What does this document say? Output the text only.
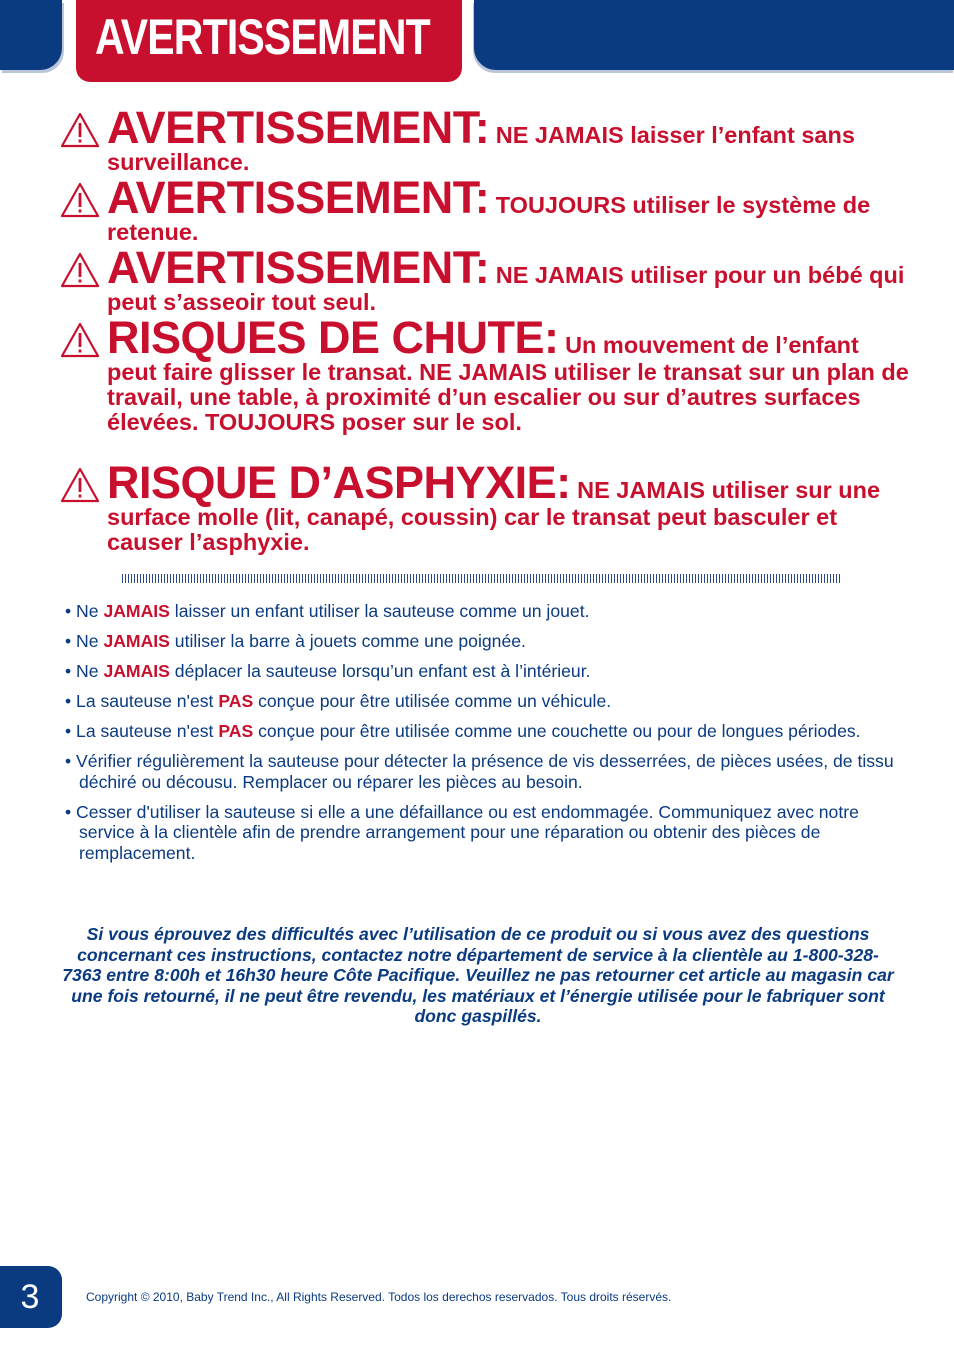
AVERTISSEMENT
AVERTISSEMENT: NE JAMAIS laisser l’enfant sans surveillance.
AVERTISSEMENT: TOUJOURS utiliser le système de retenue.
AVERTISSEMENT: NE JAMAIS utiliser pour un bébé qui peut s’asseoir tout seul.
RISQUES DE CHUTE: Un mouvement de l’enfant peut faire glisser le transat. NE JAMAIS utiliser le transat sur un plan de travail, une table, à proximité d’un escalier ou sur d’autres surfaces élevées. TOUJOURS poser sur le sol.
RISQUE D’ASPHYXIE: NE JAMAIS utiliser sur une surface molle (lit, canapé, coussin) car le transat peut basculer et causer l’asphyxie.
• Ne JAMAIS laisser un enfant utiliser la sauteuse comme un jouet.
• Ne JAMAIS utiliser la barre à jouets comme une poignée.
• Ne JAMAIS déplacer la sauteuse lorsqu’un enfant est à l’intérieur.
• La sauteuse n'est PAS conçue pour être utilisée comme un véhicule.
• La sauteuse n'est PAS conçue pour être utilisée comme une couchette ou pour de longues périodes.
• Vérifier régulièrement la sauteuse pour détecter la présence de vis desserrées, de pièces usées, de tissu déchiré ou décousu. Remplacer ou réparer les pièces au besoin.
• Cesser d'utiliser la sauteuse si elle a une défaillance ou est endommagée. Communiquez avec notre service à la clientèle afin de prendre arrangement pour une réparation ou obtenir des pièces de remplacement.
Si vous éprouvez des difficultés avec l’utilisation de ce produit ou si vous avez des questions concernant ces instructions, contactez notre département de service à la clientèle au 1-800-328-7363 entre 8:00h et 16h30 heure Côte Pacifique. Veuillez ne pas retourner cet article au magasin car une fois retourné, il ne peut être revendu, les matériaux et l’énergie utilisée pour le fabriquer sont donc gaspillés.
3	Copyright © 2010, Baby Trend Inc., All Rights Reserved. Todos los derechos reservados. Tous droits réservés.
